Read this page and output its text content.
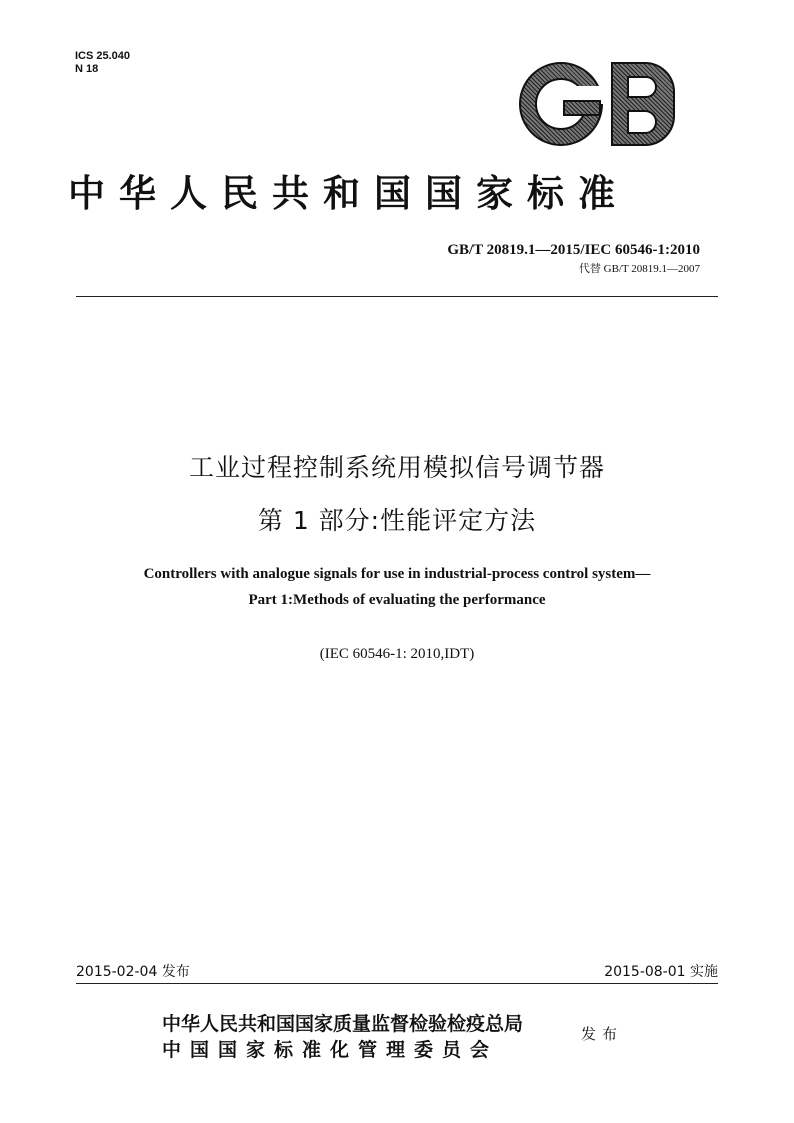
ICS 25.040
N 18
中华人民共和国国家标准
GB/T 20819.1—2015/IEC 60546-1:2010
代替 GB/T 20819.1—2007
工业过程控制系统用模拟信号调节器
第 1 部分:性能评定方法
Controllers with analogue signals for use in industrial-process control system—
Part 1:Methods of evaluating the performance
(IEC 60546-1: 2010,IDT)
2015-02-04 发布	2015-08-01 实施
中华人民共和国国家质量监督检验检疫总局
中国国家标准化管理委员会
发布
